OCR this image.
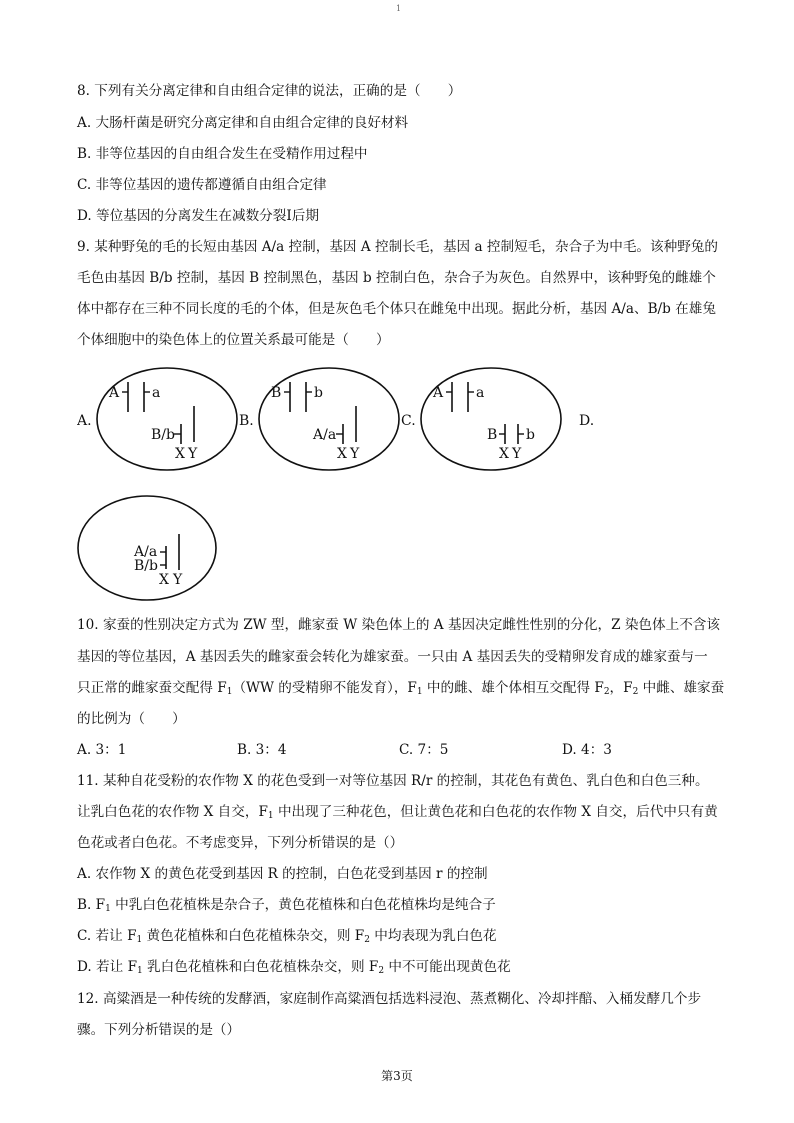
1
8. 下列有关分离定律和自由组合定律的说法，正确的是（　　）
A. 大肠杆菌是研究分离定律和自由组合定律的良好材料
B. 非等位基因的自由组合发生在受精作用过程中
C. 非等位基因的遗传都遵循自由组合定律
D. 等位基因的分离发生在减数分裂Ⅰ后期
9. 某种野兔的毛的长短由基因 A/a 控制，基因 A 控制长毛，基因 a 控制短毛，杂合子为中毛。该种野兔的
毛色由基因 B/b 控制，基因 B 控制黑色，基因 b 控制白色，杂合子为灰色。自然界中，该种野兔的雌雄个
体中都存在三种不同长度的毛的个体，但是灰色毛个体只在雌兔中出现。据此分析，基因 A/a、B/b 在雄兔
个体细胞中的染色体上的位置关系最可能是（　　）
A.	B.	C.	D.
A a
B/b
X Y
B b
A/a
X Y
A a
B b
X Y
A/a
B/b
X Y
10. 家蚕的性别决定方式为 ZW 型，雌家蚕 W 染色体上的 A 基因决定雌性性别的分化，Z 染色体上不含该
基因的等位基因，A 基因丢失的雌家蚕会转化为雄家蚕。一只由 A 基因丢失的受精卵发育成的雄家蚕与一
只正常的雌家蚕交配得 $F_1(WW$ 的受精卵不能发育），$F_1$ 中的雌、雄个体相互交配得 $F_2$，$F_2$ 中雌、雄家蚕
的比例为（　　）
A. 3：1	B. 3：4	C. 7：5	D. 4：3
11. 某种自花受粉的农作物 X 的花色受到一对等位基因 R/r 的控制，其花色有黄色、乳白色和白色三种。
让乳白色花的农作物 X 自交，$F_1$ 中出现了三种花色，但让黄色花和白色花的农作物 X 自交，后代中只有黄
色花或者白色花。不考虑变异，下列分析错误的是（）
A. 农作物 X 的黄色花受到基因 R 的控制，白色花受到基因 r 的控制
B. $F_1$ 中乳白色花植株是杂合子，黄色花植株和白色花植株均是纯合子
C. 若让 $F_1$ 黄色花植株和白色花植株杂交，则 $F_2$ 中均表现为乳白色花
D. 若让 $F_1$ 乳白色花植株和白色花植株杂交，则 $F_2$ 中不可能出现黄色花
12. 高粱酒是一种传统的发酵酒，家庭制作高粱酒包括选料浸泡、蒸煮糊化、冷却拌醅、入桶发酵几个步
骤。下列分析错误的是（）
第3页
